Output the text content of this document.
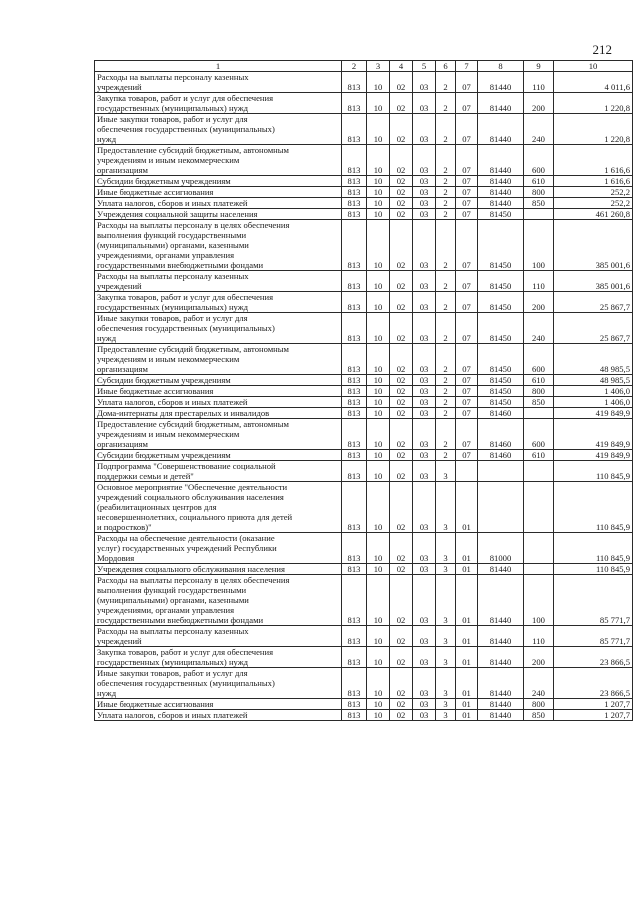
212
1	2	3	4	5	6	7	8	9	10

Расходы на выплаты персоналу казенных
учреждений	813	10	02	03	2	07	81440	110	4 011,6

Закупка товаров, работ и услуг для обеспечения
государственных (муниципальных) нужд	813	10	02	03	2	07	81440	200	1 220,8

Иные закупки товаров, работ и услуг для
обеспечения государственных (муниципальных)
нужд	813	10	02	03	2	07	81440	240	1 220,8

Предоставление субсидий бюджетным, автономным
учреждениям и иным некоммерческим
организациям	813	10	02	03	2	07	81440	600	1 616,6

Субсидии бюджетным учреждениям	813	10	02	03	2	07	81440	610	1 616,6

Иные бюджетные ассигнования	813	10	02	03	2	07	81440	800	252,2

Уплата налогов, сборов и иных платежей	813	10	02	03	2	07	81440	850	252,2

Учреждения социальной защиты населения	813	10	02	03	2	07	81450		461 260,8

Расходы на выплаты персоналу в целях обеспечения
выполнения функций государственными
(муниципальными) органами, казенными
учреждениями, органами управления
государственными внебюджетными фондами	813	10	02	03	2	07	81450	100	385 001,6

Расходы на выплаты персоналу казенных
учреждений	813	10	02	03	2	07	81450	110	385 001,6

Закупка товаров, работ и услуг для обеспечения
государственных (муниципальных) нужд	813	10	02	03	2	07	81450	200	25 867,7

Иные закупки товаров, работ и услуг для
обеспечения государственных (муниципальных)
нужд	813	10	02	03	2	07	81450	240	25 867,7

Предоставление субсидий бюджетным, автономным
учреждениям и иным некоммерческим
организациям	813	10	02	03	2	07	81450	600	48 985,5

Субсидии бюджетным учреждениям	813	10	02	03	2	07	81450	610	48 985,5

Иные бюджетные ассигнования	813	10	02	03	2	07	81450	800	1 406,0

Уплата налогов, сборов и иных платежей	813	10	02	03	2	07	81450	850	1 406,0

Дома-интернаты для престарелых и инвалидов	813	10	02	03	2	07	81460		419 849,9

Предоставление субсидий бюджетным, автономным
учреждениям и иным некоммерческим
организациям	813	10	02	03	2	07	81460	600	419 849,9

Субсидии бюджетным учреждениям	813	10	02	03	2	07	81460	610	419 849,9

Подпрограмма "Совершенствование социальной
поддержки семьи и детей"	813	10	02	03	3				110 845,9

Основное мероприятие "Обеспечение деятельности
учреждений социального обслуживания населения
(реабилитационных центров для
несовершеннолетних, социального приюта для детей
и подростков)"	813	10	02	03	3	01			110 845,9

Расходы на обеспечение деятельности (оказание
услуг) государственных учреждений Республики
Мордовия	813	10	02	03	3	01	81000		110 845,9

Учреждения социального обслуживания населения	813	10	02	03	3	01	81440		110 845,9

Расходы на выплаты персоналу в целях обеспечения
выполнения функций государственными
(муниципальными) органами, казенными
учреждениями, органами управления
государственными внебюджетными фондами	813	10	02	03	3	01	81440	100	85 771,7

Расходы на выплаты персоналу казенных
учреждений	813	10	02	03	3	01	81440	110	85 771,7

Закупка товаров, работ и услуг для обеспечения
государственных (муниципальных) нужд	813	10	02	03	3	01	81440	200	23 866,5

Иные закупки товаров, работ и услуг для
обеспечения государственных (муниципальных)
нужд	813	10	02	03	3	01	81440	240	23 866,5

Иные бюджетные ассигнования	813	10	02	03	3	01	81440	800	1 207,7

Уплата налогов, сборов и иных платежей	813	10	02	03	3	01	81440	850	1 207,7
